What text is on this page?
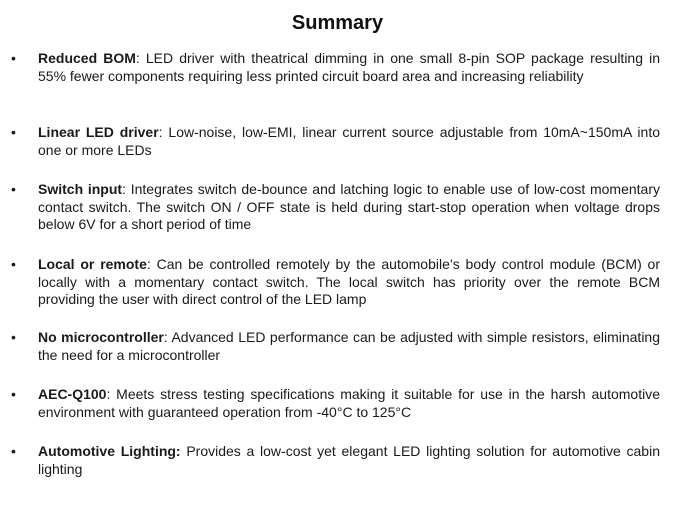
Summary
• Reduced BOM: LED driver with theatrical dimming in one small 8-pin SOP package resulting in 55% fewer components requiring less printed circuit board area and increasing reliability
• Linear LED driver: Low-noise, low-EMI, linear current source adjustable from 10mA~150mA into one or more LEDs
• Switch input: Integrates switch de-bounce and latching logic to enable use of low-cost momentary contact switch. The switch ON / OFF state is held during start-stop operation when voltage drops below 6V for a short period of time
• Local or remote: Can be controlled remotely by the automobile’s body control module (BCM) or locally with a momentary contact switch. The local switch has priority over the remote BCM providing the user with direct control of the LED lamp
• No microcontroller: Advanced LED performance can be adjusted with simple resistors, eliminating the need for a microcontroller
• AEC-Q100: Meets stress testing specifications making it suitable for use in the harsh automotive environment with guaranteed operation from -40°C to 125°C
• Automotive Lighting: Provides a low-cost yet elegant LED lighting solution for automotive cabin lighting
